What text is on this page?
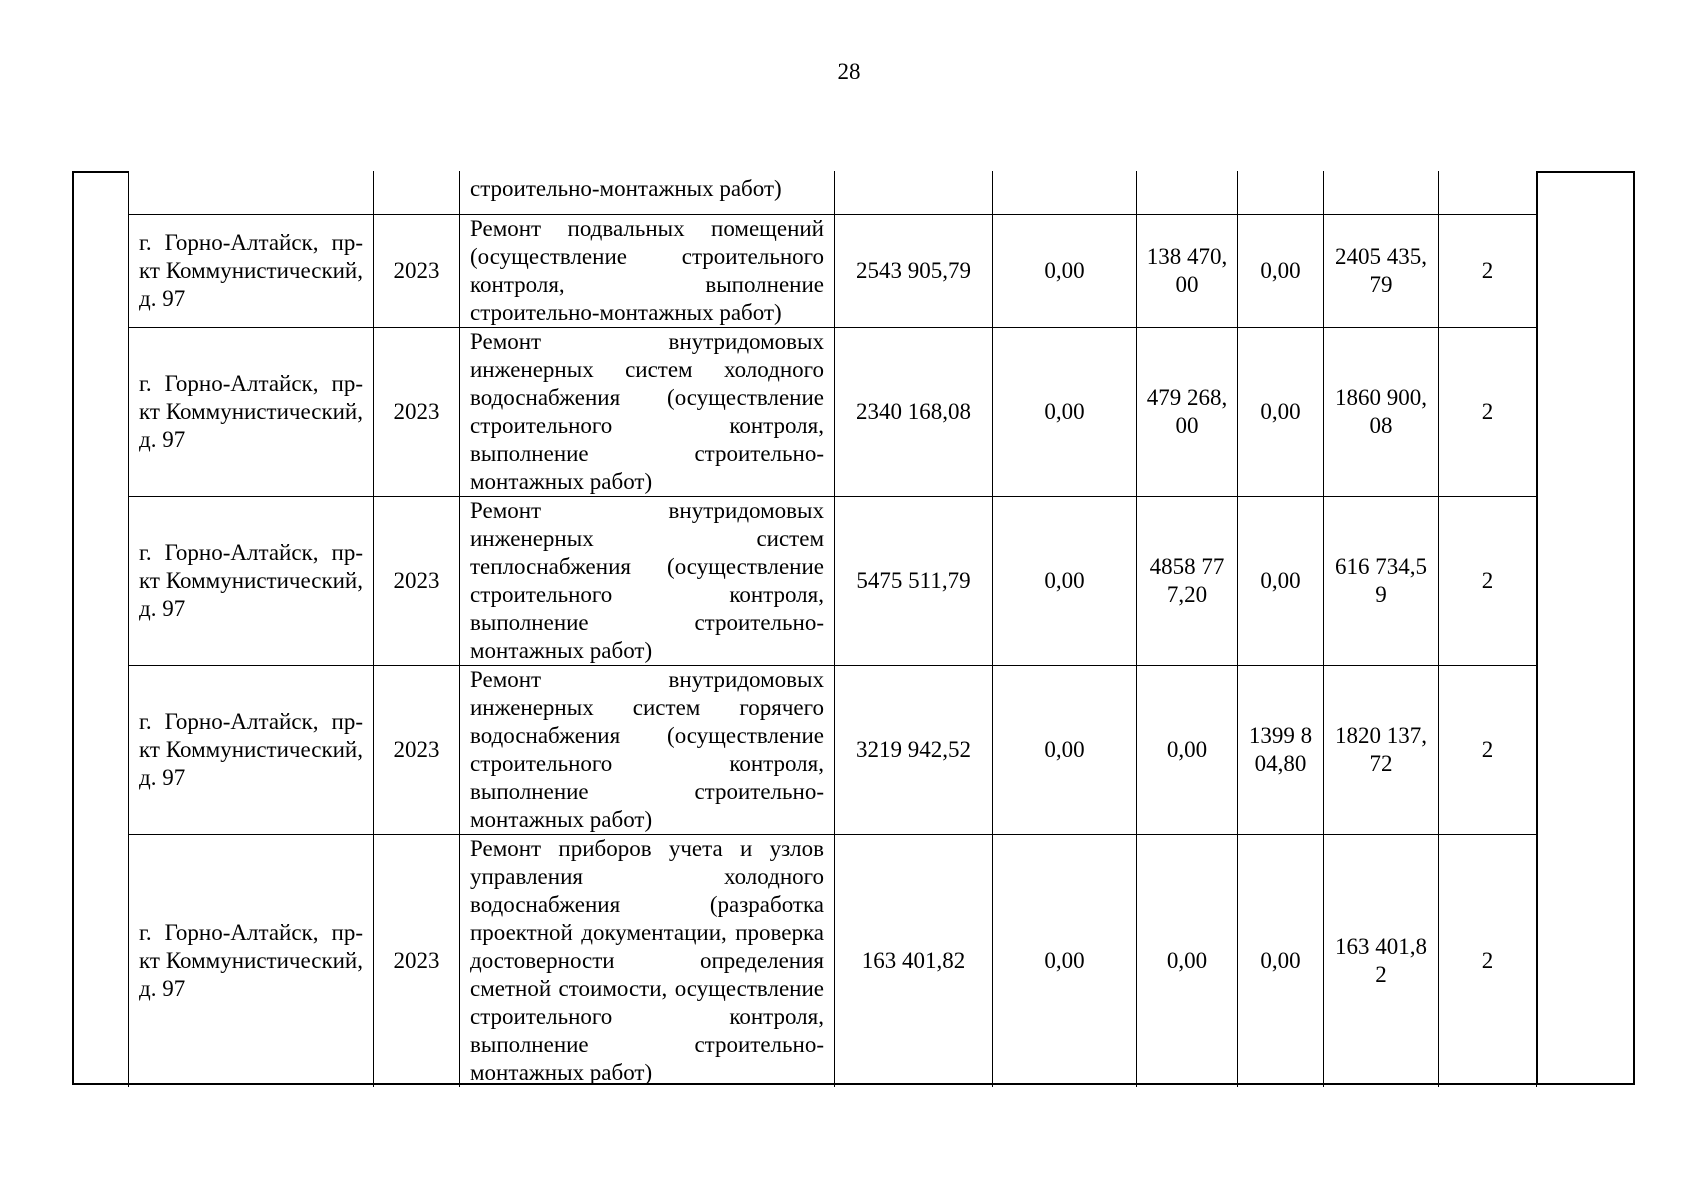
28
		строительно-монтажных работ)						
г. Горно-Алтайск, пр-кт Коммунистический, д. 97	2023	Ремонт подвальных помещений (осуществление строительного контроля, выполнение строительно-монтажных работ)	2543 905,79	0,00	138 470,00	0,00	2405 435,79	2
г. Горно-Алтайск, пр-кт Коммунистический, д. 97	2023	Ремонт внутридомовых инженерных систем холодного водоснабжения (осуществление строительного контроля, выполнение строительно-монтажных работ)	2340 168,08	0,00	479 268,00	0,00	1860 900,08	2
г. Горно-Алтайск, пр-кт Коммунистический, д. 97	2023	Ремонт внутридомовых инженерных систем теплоснабжения (осуществление строительного контроля, выполнение строительно-монтажных работ)	5475 511,79	0,00	4858 777,20	0,00	616 734,59	2
г. Горно-Алтайск, пр-кт Коммунистический, д. 97	2023	Ремонт внутридомовых инженерных систем горячего водоснабжения (осуществление строительного контроля, выполнение строительно-монтажных работ)	3219 942,52	0,00	0,00	1399 804,80	1820 137,72	2
г. Горно-Алтайск, пр-кт Коммунистический, д. 97	2023	Ремонт приборов учета и узлов управления холодного водоснабжения (разработка проектной документации, проверка достоверности определения сметной стоимости, осуществление строительного контроля, выполнение строительно-монтажных работ)	163 401,82	0,00	0,00	0,00	163 401,82	2
